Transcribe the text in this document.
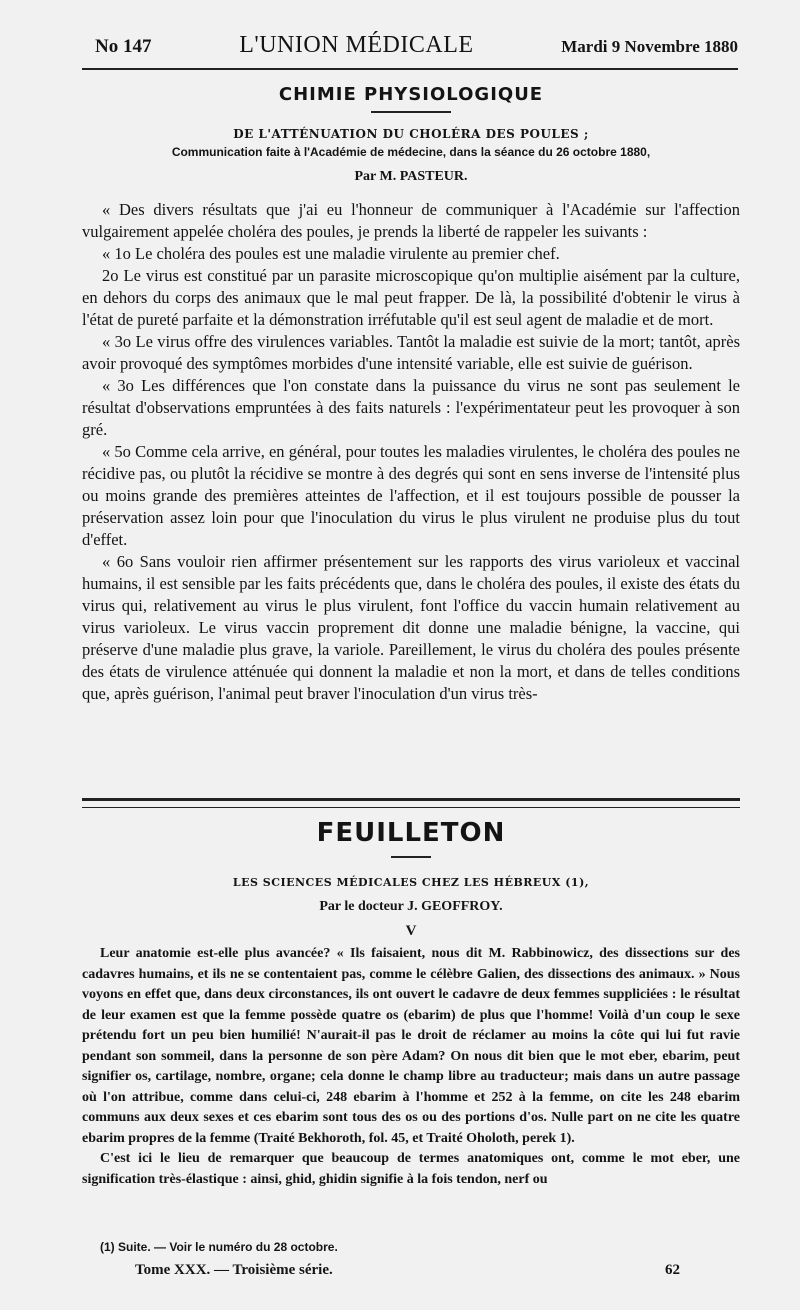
No 147	L'UNION MÉDICALE	Mardi 9 Novembre 1880
CHIMIE PHYSIOLOGIQUE
DE L'ATTÉNUATION DU CHOLÉRA DES POULES ;
Communication faite à l'Académie de médecine, dans la séance du 26 octobre 1880,
Par M. PASTEUR.

« Des divers résultats que j'ai eu l'honneur de communiquer à l'Académie sur l'affection vulgairement appelée choléra des poules, je prends la liberté de rappeler les suivants :

« 1o Le choléra des poules est une maladie virulente au premier chef.

2o Le virus est constitué par un parasite microscopique qu'on multiplie aisément par la culture, en dehors du corps des animaux que le mal peut frapper. De là, la possibilité d'obtenir le virus à l'état de pureté parfaite et la démonstration irréfutable qu'il est seul agent de maladie et de mort.

« 3o Le virus offre des virulences variables. Tantôt la maladie est suivie de la mort; tantôt, après avoir provoqué des symptômes morbides d'une intensité variable, elle est suivie de guérison.

« 3o Les différences que l'on constate dans la puissance du virus ne sont pas seulement le résultat d'observations empruntées à des faits naturels : l'expérimentateur peut les provoquer à son gré.

« 5o Comme cela arrive, en général, pour toutes les maladies virulentes, le choléra des poules ne récidive pas, ou plutôt la récidive se montre à des degrés qui sont en sens inverse de l'intensité plus ou moins grande des premières atteintes de l'affection, et il est toujours possible de pousser la préservation assez loin pour que l'inoculation du virus le plus virulent ne produise plus du tout d'effet.

« 6o Sans vouloir rien affirmer présentement sur les rapports des virus varioleux et vaccinal humains, il est sensible par les faits précédents que, dans le choléra des poules, il existe des états du virus qui, relativement au virus le plus virulent, font l'office du vaccin humain relativement au virus varioleux. Le virus vaccin proprement dit donne une maladie bénigne, la vaccine, qui préserve d'une maladie plus grave, la variole. Pareillement, le virus du choléra des poules présente des états de virulence atténuée qui donnent la maladie et non la mort, et dans de telles conditions que, après guérison, l'animal peut braver l'inoculation d'un virus très-

FEUILLETON
LES SCIENCES MÉDICALES CHEZ LES HÉBREUX (1),
Par le docteur J. GEOFFROY.
V

Leur anatomie est-elle plus avancée? « Ils faisaient, nous dit M. Rabbinowicz, des dissections sur des cadavres humains, et ils ne se contentaient pas, comme le célèbre Galien, des dissections des animaux. » Nous voyons en effet que, dans deux circonstances, ils ont ouvert le cadavre de deux femmes suppliciées : le résultat de leur examen est que la femme possède quatre os (ebarim) de plus que l'homme! Voilà d'un coup le sexe prétendu fort un peu bien humilié! N'aurait-il pas le droit de réclamer au moins la côte qui lui fut ravie pendant son sommeil, dans la personne de son père Adam? On nous dit bien que le mot eber, ebarim, peut signifier os, cartilage, nombre, organe; cela donne le champ libre au traducteur; mais dans un autre passage où l'on attribue, comme dans celui-ci, 248 ebarim à l'homme et 252 à la femme, on cite les 248 ebarim communs aux deux sexes et ces ebarim sont tous des os ou des portions d'os. Nulle part on ne cite les quatre ebarim propres de la femme (Traité Bekhoroth, fol. 45, et Traité Oholoth, perek 1).

C'est ici le lieu de remarquer que beaucoup de termes anatomiques ont, comme le mot eber, une signification très-élastique : ainsi, ghid, ghidin signifie à la fois tendon, nerf ou

(1) Suite. — Voir le numéro du 28 octobre.
Tome XXX. — Troisième série.	62
